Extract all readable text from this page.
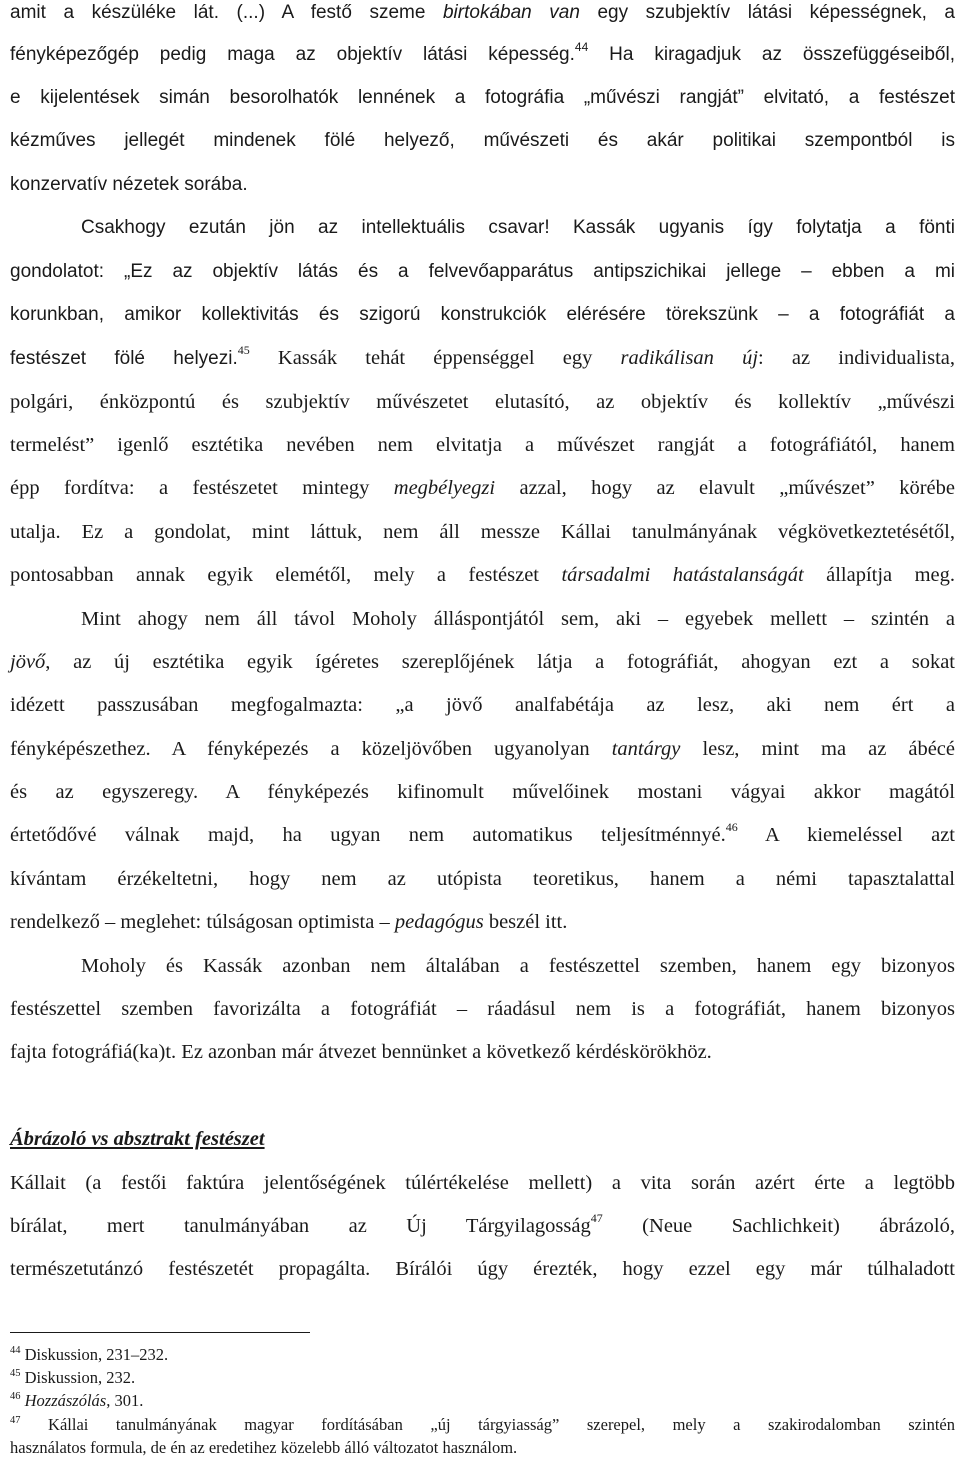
amit a készüléke lát. (...) A festő szeme birtokában van egy szubjektív látási képességnek, a
fényképezőgép pedig maga az objektív látási képesség.$^{44}$ Ha kiragadjuk az összefüggéseiből,
e kijelentések simán besorolhatók lennének a fotográfia „művészi rangját” elvitató, a festészet
kézműves jellegét mindenek fölé helyező, művészeti és akár politikai szempontból is
konzervatív nézetek sorába.
Csakhogy ezután jön az intellektuális csavar! Kassák ugyanis így folytatja a fönti
gondolatot: „Ez az objektív látás és a felvevőapparátus antipszichikai jellege – ebben a mi
korunkban, amikor kollektivitás és szigorú konstrukciók elérésére törekszünk – a fotográfiát a
festészet fölé helyezi.$^{45}$ Kassák tehát éppenséggel egy radikálisan új: az individualista,
polgári, énközpontú és szubjektív művészetet elutasító, az objektív és kollektív „művészi
termelést” igenlő esztétika nevében nem elvitatja a művészet rangját a fotográfiától, hanem
épp fordítva: a festészetet mintegy megbélyegzi azzal, hogy az elavult „művészet” körébe
utalja. Ez a gondolat, mint láttuk, nem áll messze Kállai tanulmányának végkövetkeztetésétől,
pontosabban annak egyik elemétől, mely a festészet társadalmi hatástalanságát állapítja meg.
Mint ahogy nem áll távol Moholy álláspontjától sem, aki – egyebek mellett – szintén a
jövő, az új esztétika egyik ígéretes szereplőjének látja a fotográfiát, ahogyan ezt a sokat
idézett passzusában megfogalmazta: „a jövő analfabétája az lesz, aki nem ért a
fényképészethez. A fényképezés a közeljövőben ugyanolyan tantárgy lesz, mint ma az ábécé
és az egyszeregy. A fényképezés kifinomult művelőinek mostani vágyai akkor magától
értetődővé válnak majd, ha ugyan nem automatikus teljesítménnyé.$^{46}$ A kiemeléssel azt
kívántam érzékeltetni, hogy nem az utópista teoretikus, hanem a némi tapasztalattal
rendelkező – meglehet: túlságosan optimista – pedagógus beszél itt.
Moholy és Kassák azonban nem általában a festészettel szemben, hanem egy bizonyos
festészettel szemben favorizálta a fotográfiát – ráadásul nem is a fotográfiát, hanem bizonyos
fajta fotográfiá(ka)t. Ez azonban már átvezet bennünket a következő kérdéskörökhöz.
Ábrázoló vs absztrakt festészet
Kállait (a festői faktúra jelentőségének túlértékelése mellett) a vita során azért érte a legtöbb
bírálat, mert tanulmányában az Új Tárgyilagosság$^{47}$ (Neue Sachlichkeit) ábrázoló,
természetutánzó festészetét propagálta. Bírálói úgy érezték, hogy ezzel egy már túlhaladott
$^{44}$ Diskussion, 231–232.
$^{45}$ Diskussion, 232.
$^{46}$ Hozzászólás, 301.
$^{47}$ Kállai tanulmányának magyar fordításában „új tárgyiasság” szerepel, mely a szakirodalomban szintén
használatos formula, de én az eredetihez közelebb álló változatot használom.
